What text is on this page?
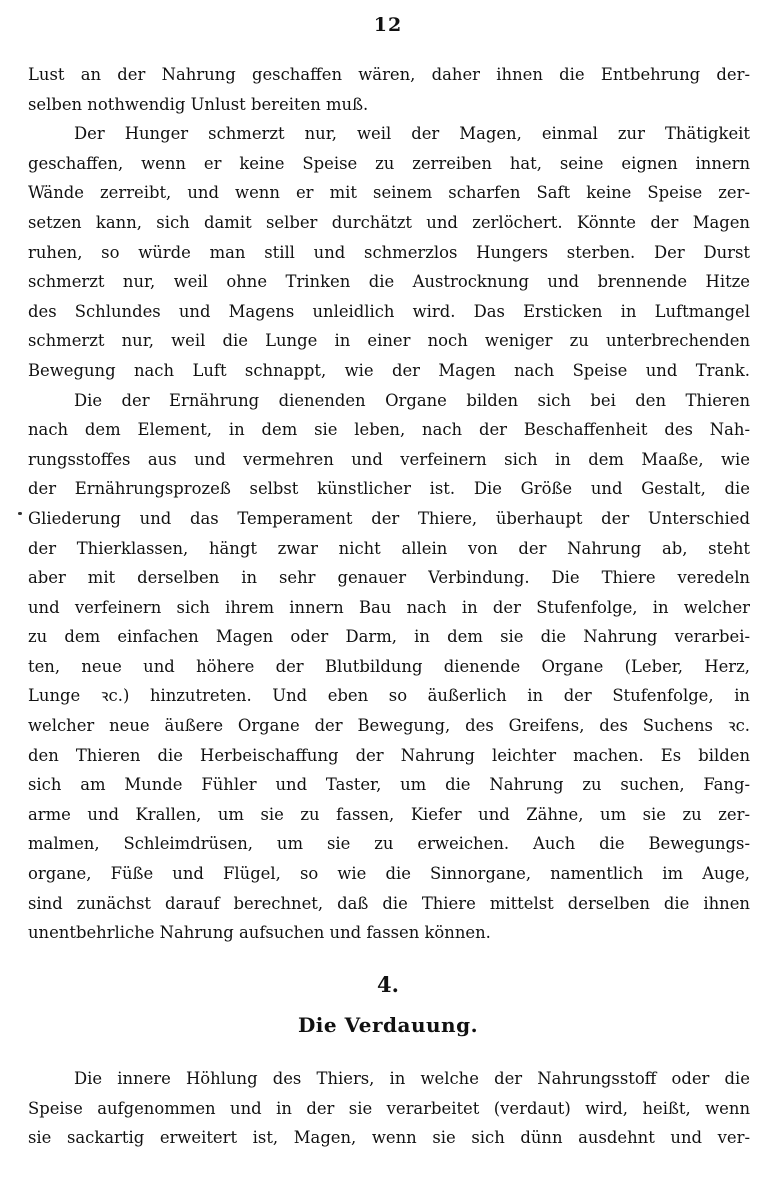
12
Lust an der Nahrung geschaffen wären, daher ihnen die Entbehrung der-
selben nothwendig Unlust bereiten muß.
Der Hunger schmerzt nur, weil der Magen, einmal zur Thätigkeit
geschaffen, wenn er keine Speise zu zerreiben hat, seine eignen innern
Wände zerreibt, und wenn er mit seinem scharfen Saft keine Speise zer-
setzen kann, sich damit selber durchätzt und zerlöchert. Könnte der Magen
ruhen, so würde man still und schmerzlos Hungers sterben. Der Durst
schmerzt nur, weil ohne Trinken die Austrocknung und brennende Hitze
des Schlundes und Magens unleidlich wird. Das Ersticken in Luftmangel
schmerzt nur, weil die Lunge in einer noch weniger zu unterbrechenden
Bewegung nach Luft schnappt, wie der Magen nach Speise und Trank.
Die der Ernährung dienenden Organe bilden sich bei den Thieren
nach dem Element, in dem sie leben, nach der Beschaffenheit des Nah-
rungsstoffes aus und vermehren und verfeinern sich in dem Maaße, wie
der Ernährungsprozeß selbst künstlicher ist. Die Größe und Gestalt, die
Gliederung und das Temperament der Thiere, überhaupt der Unterschied
der Thierklassen, hängt zwar nicht allein von der Nahrung ab, steht
aber mit derselben in sehr genauer Verbindung. Die Thiere veredeln
und verfeinern sich ihrem innern Bau nach in der Stufenfolge, in welcher
zu dem einfachen Magen oder Darm, in dem sie die Nahrung verarbei-
ten, neue und höhere der Blutbildung dienende Organe (Leber, Herz,
Lunge ꝛc.) hinzutreten. Und eben so äußerlich in der Stufenfolge, in
welcher neue äußere Organe der Bewegung, des Greifens, des Suchens ꝛc.
den Thieren die Herbeischaffung der Nahrung leichter machen. Es bilden
sich am Munde Fühler und Taster, um die Nahrung zu suchen, Fang-
arme und Krallen, um sie zu fassen, Kiefer und Zähne, um sie zu zer-
malmen, Schleimdrüsen, um sie zu erweichen. Auch die Bewegungs-
organe, Füße und Flügel, so wie die Sinnorgane, namentlich im Auge,
sind zunächst darauf berechnet, daß die Thiere mittelst derselben die ihnen
unentbehrliche Nahrung aufsuchen und fassen können.
4.
Die Verdauung.
Die innere Höhlung des Thiers, in welche der Nahrungsstoff oder die
Speise aufgenommen und in der sie verarbeitet (verdaut) wird, heißt, wenn
sie sackartig erweitert ist, Magen, wenn sie sich dünn ausdehnt und ver-
